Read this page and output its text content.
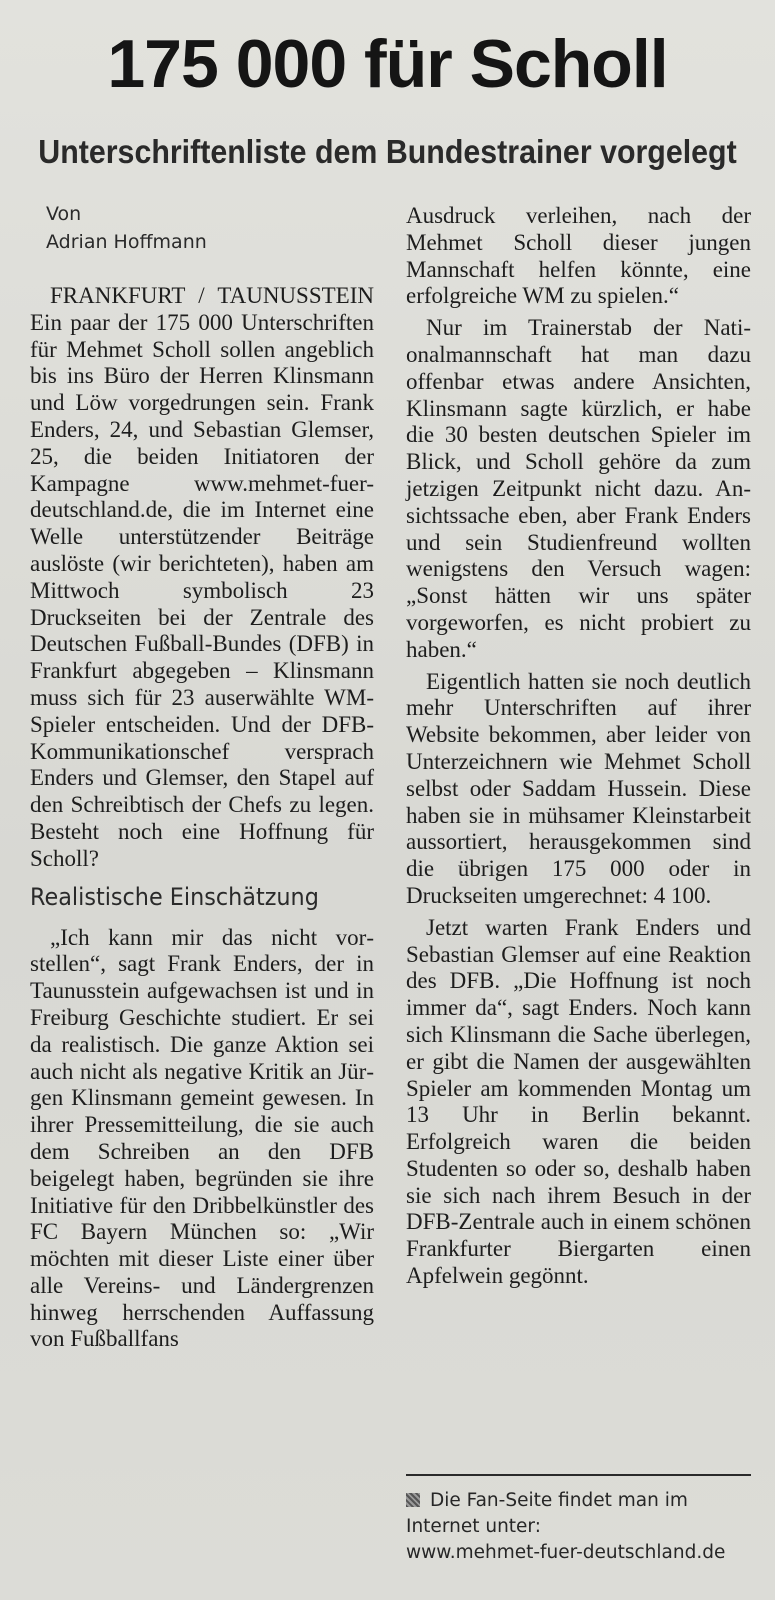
175 000 für Scholl
Unterschriftenliste dem Bundestrainer vorgelegt
Von
Adrian Hoffmann

FRANKFURT / TAUNUSSTEIN Ein paar der 175 000 Unterschriften für Mehmet Scholl sollen angeblich bis ins Büro der Herren Klinsmann und Löw vorgedrungen sein. Frank Enders, 24, und Sebastian Glemser, 25, die beiden Initiatoren der Kampagne www.mehmet-fuer-deutschland.de, die im Internet eine Welle unterstützender Beiträge auslöste (wir berichteten), haben am Mittwoch symbolisch 23 Druckseiten bei der Zentrale des Deutschen Fußball-Bundes (DFB) in Frankfurt abgegeben – Klinsmann muss sich für 23 auserwählte WM-Spieler entscheiden. Und der DFB-Kommunikationschef versprach Enders und Glemser, den Stapel auf den Schreibtisch der Chefs zu legen. Besteht noch eine Hoffnung für Scholl?

Realistische Einschätzung

„Ich kann mir das nicht vorstellen“, sagt Frank Enders, der in Taunusstein aufgewachsen ist und in Freiburg Geschichte studiert. Er sei da realistisch. Die ganze Aktion sei auch nicht als negative Kritik an Jürgen Klinsmann gemeint gewesen. In ihrer Pressemitteilung, die sie auch dem Schreiben an den DFB beigelegt haben, begründen sie ihre Initiative für den Dribbelkünstler des FC Bayern München so: „Wir möchten mit dieser Liste einer über alle Vereins- und Ländergrenzen hinweg herrschenden Auffassung von Fußballfans

Ausdruck verleihen, nach der Mehmet Scholl dieser jungen Mannschaft helfen könnte, eine erfolgreiche WM zu spielen.“

Nur im Trainerstab der Nationalmannschaft hat man dazu offenbar etwas andere Ansichten, Klinsmann sagte kürzlich, er habe die 30 besten deutschen Spieler im Blick, und Scholl gehöre da zum jetzigen Zeitpunkt nicht dazu. Ansichtssache eben, aber Frank Enders und sein Studienfreund wollten wenigstens den Versuch wagen: „Sonst hätten wir uns später vorgeworfen, es nicht probiert zu haben.“

Eigentlich hatten sie noch deutlich mehr Unterschriften auf ihrer Website bekommen, aber leider von Unterzeichnern wie Mehmet Scholl selbst oder Saddam Hussein. Diese haben sie in mühsamer Kleinstarbeit aussortiert, herausgekommen sind die übrigen 175 000 oder in Druckseiten umgerechnet: 4 100.

Jetzt warten Frank Enders und Sebastian Glemser auf eine Reaktion des DFB. „Die Hoffnung ist noch immer da“, sagt Enders. Noch kann sich Klinsmann die Sache überlegen, er gibt die Namen der ausgewählten Spieler am kommenden Montag um 13 Uhr in Berlin bekannt. Erfolgreich waren die beiden Studenten so oder so, deshalb haben sie sich nach ihrem Besuch in der DFB-Zentrale auch in einem schönen Frankfurter Biergarten einen Apfelwein gegönnt.

Die Fan-Seite findet man im
Internet unter:
www.mehmet-fuer-deutschland.de
